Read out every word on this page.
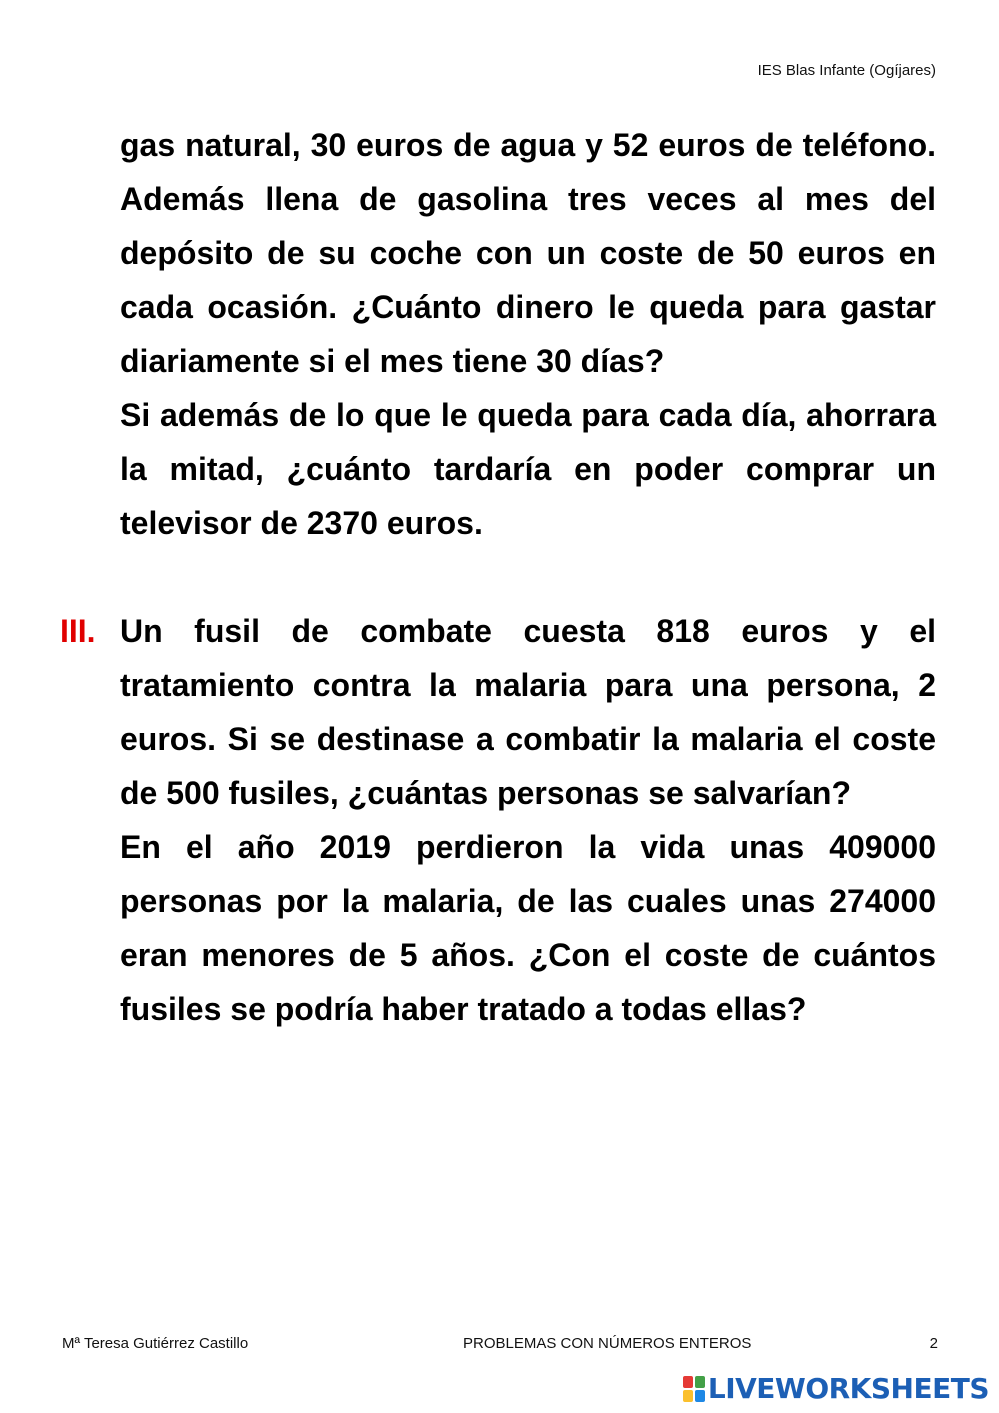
IES Blas Infante (Ogíjares)

gas natural, 30 euros de agua y 52 euros de teléfono. Además llena de gasolina tres veces al mes del depósito de su coche con un coste de 50 euros en cada ocasión. ¿Cuánto dinero le queda para gastar diariamente si el mes tiene 30 días?

Si además de lo que le queda para cada día, ahorrara la mitad, ¿cuánto tardaría en poder comprar un televisor de 2370 euros.

III. Un fusil de combate cuesta 818 euros y el tratamiento contra la malaria para una persona, 2 euros. Si se destinase a combatir la malaria el coste de 500 fusiles, ¿cuántas personas se salvarían?

En el año 2019 perdieron la vida unas 409000 personas por la malaria, de las cuales unas 274000 eran menores de 5 años. ¿Con el coste de cuántos fusiles se podría haber tratado a todas ellas?

Mª Teresa Gutiérrez Castillo	PROBLEMAS CON NÚMEROS ENTEROS	2
LIVEWORKSHEETS
